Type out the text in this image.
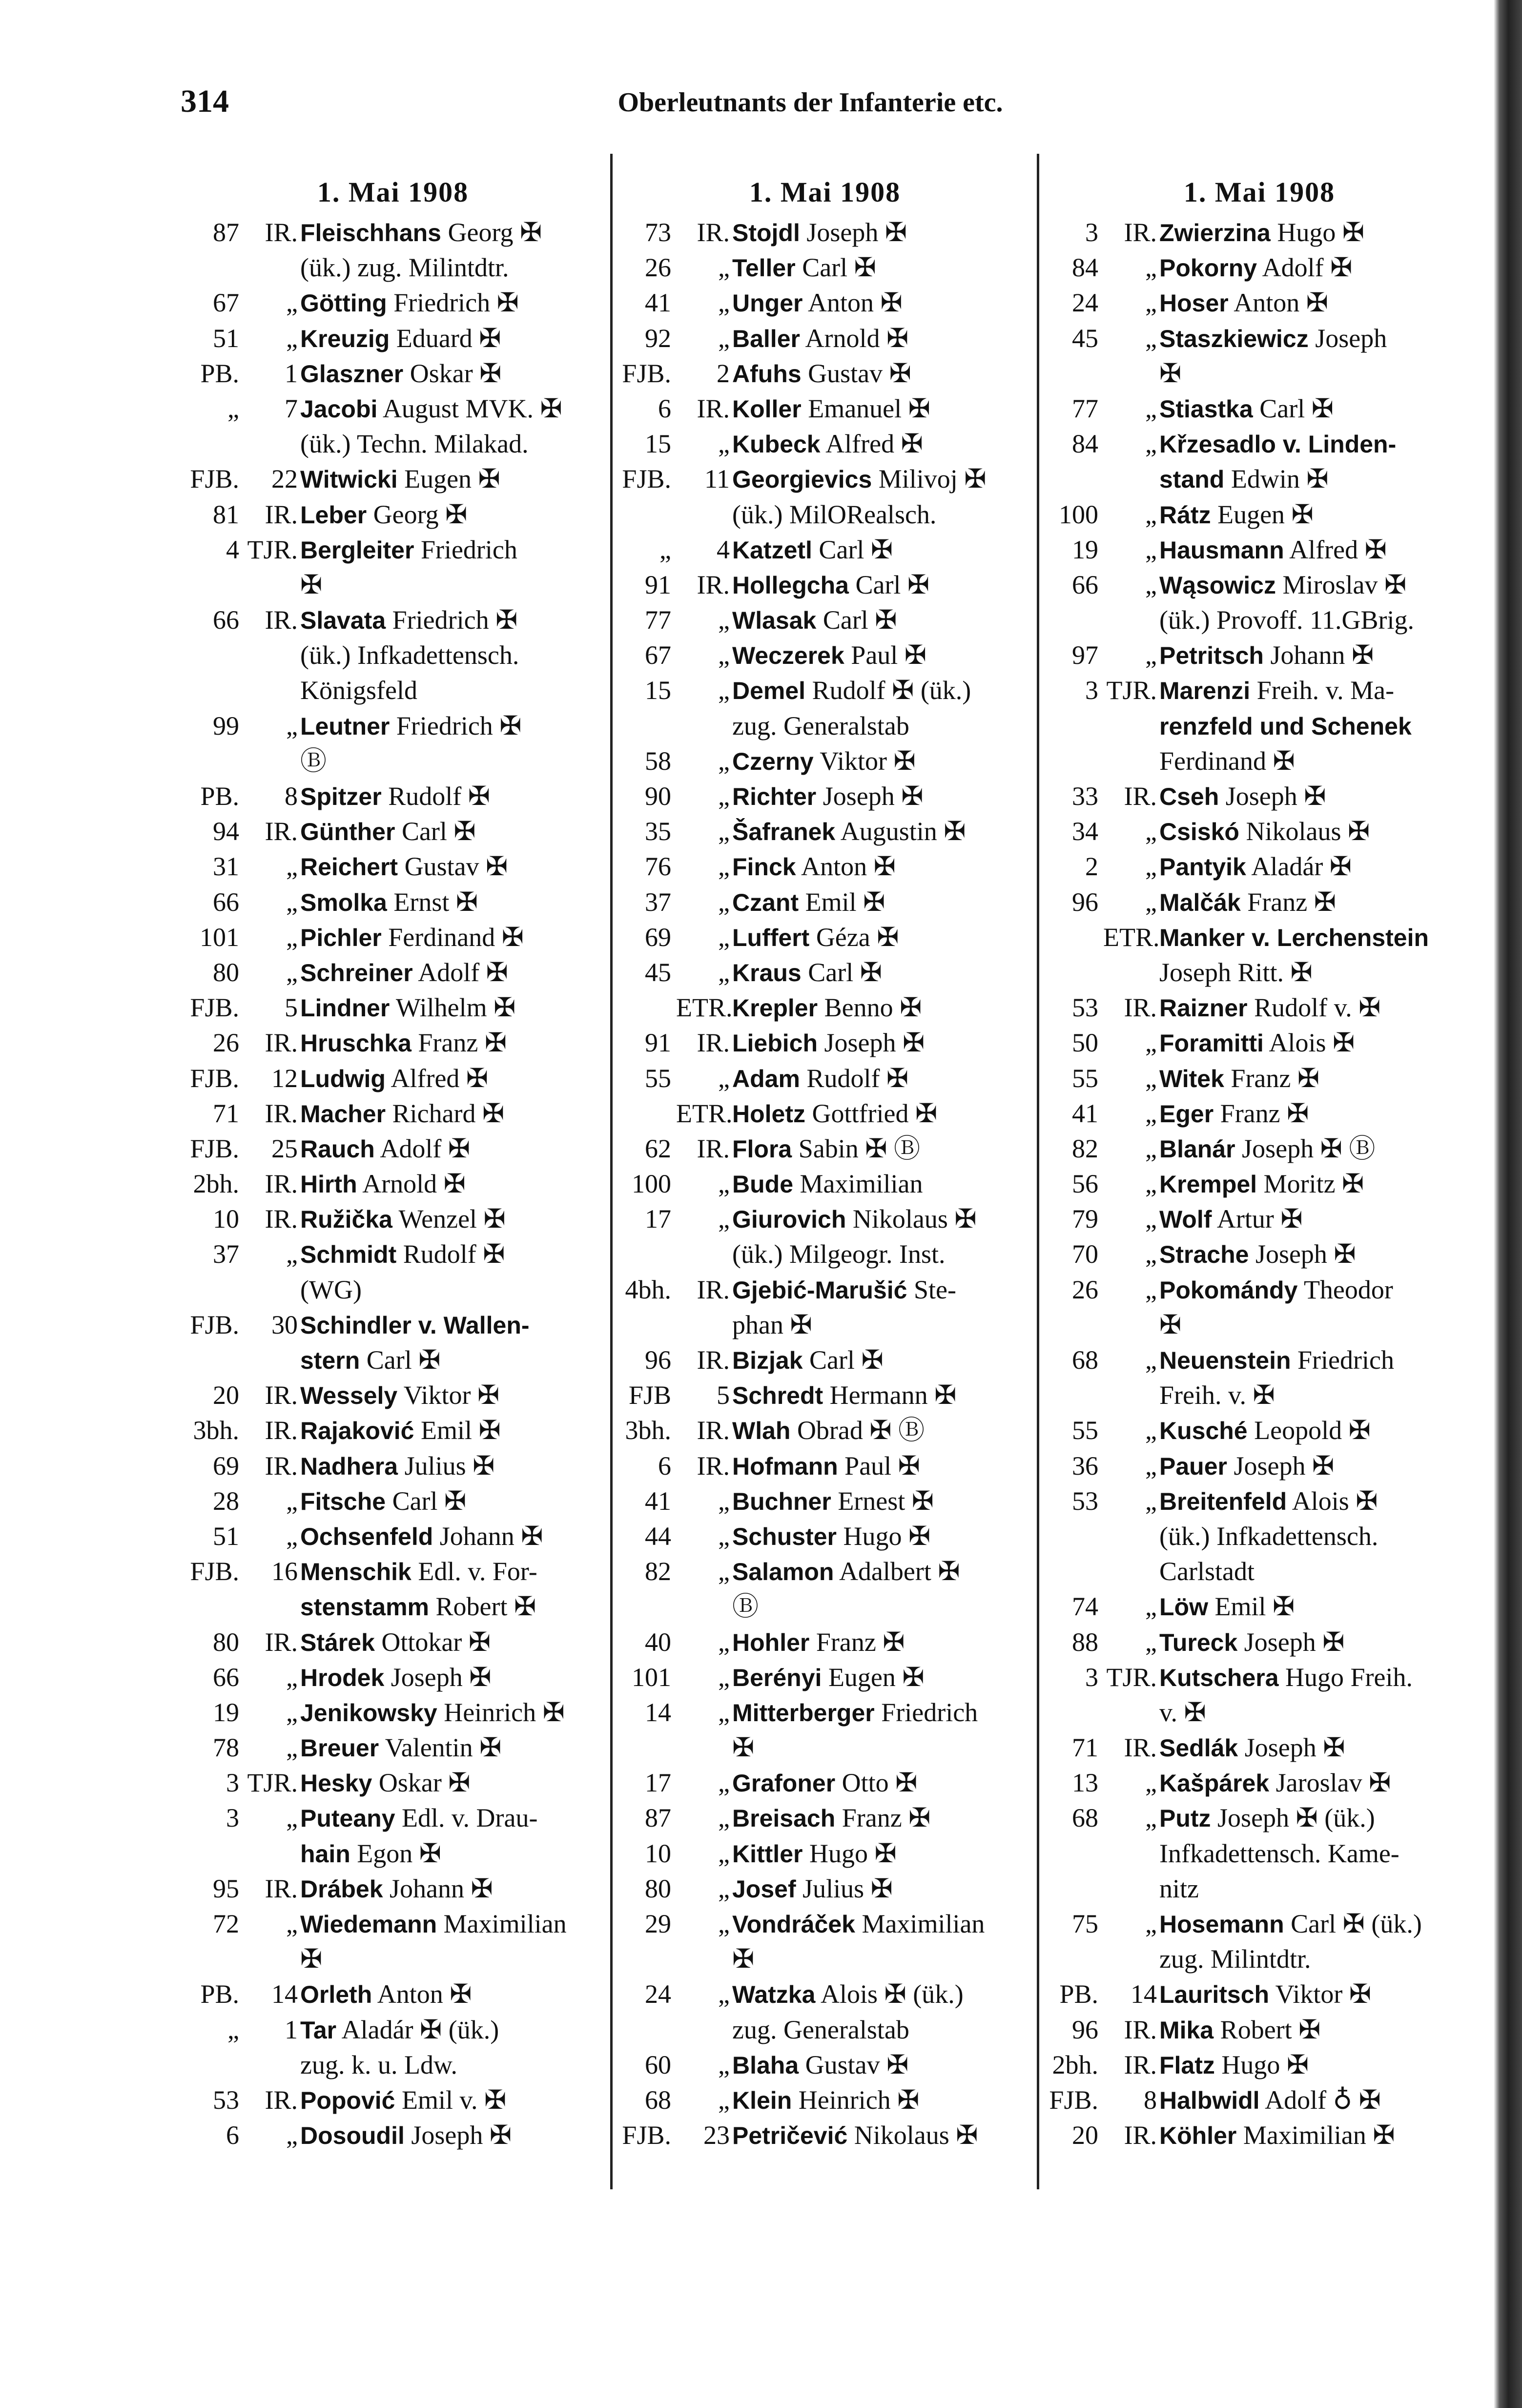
314	Oberleutnants der Infanterie etc.
1. Mai 1908
87 IR. Fleischhans Georg ✠
(ük.) zug. Milintdtr.
67	„ Götting Friedrich ✠
51	„ Kreuzig Eduard ✠
PB.	1 Glaszner Oskar ✠
„	7 Jacobi August MVK. ✠
(ük.) Techn. Milakad.
FJB.	22 Witwicki Eugen ✠
81 IR. Leber Georg ✠
4 TJR. Bergleiter Friedrich
✠
66 IR. Slavata Friedrich ✠
(ük.) Infkadettensch.
Königsfeld
99	„ Leutner Friedrich ✠
Ⓑ
PB.	8 Spitzer Rudolf ✠
94 IR. Günther Carl ✠
31	„ Reichert Gustav ✠
66	„ Smolka Ernst ✠
101	„ Pichler Ferdinand ✠
80	„ Schreiner Adolf ✠
FJB.	5 Lindner Wilhelm ✠
26 IR. Hruschka Franz ✠
FJB.	12 Ludwig Alfred ✠
71 IR. Macher Richard ✠
FJB.	25 Rauch Adolf ✠
2bh. IR. Hirth Arnold ✠
10 IR. Ružička Wenzel ✠
37	„ Schmidt Rudolf ✠
(WG)
FJB.	30 Schindler v. Wallen-
stern Carl ✠
20 IR. Wessely Viktor ✠
3bh. IR. Rajaković Emil ✠
69 IR. Nadhera Julius ✠
28	„ Fitsche Carl ✠
51	„ Ochsenfeld Johann ✠
FJB.	16 Menschik Edl. v. For-
stenstamm Robert ✠
80 IR. Stárek Ottokar ✠
66	„ Hrodek Joseph ✠
19	„ Jenikowsky Heinrich ✠
78	„ Breuer Valentin ✠
3 TJR. Hesky Oskar ✠
3	„ Puteany Edl. v. Drau-
hain Egon ✠
95 IR. Drábek Johann ✠
72	„ Wiedemann Maximilian
✠
PB.	14 Orleth Anton ✠
„	1 Tar Aladár ✠ (ük.)
zug. k. u. Ldw.
53 IR. Popović Emil v. ✠
6	„ Dosoudil Joseph ✠
1. Mai 1908
73 IR. Stojdl Joseph ✠
26	„ Teller Carl ✠
41	„ Unger Anton ✠
92	„ Baller Arnold ✠
FJB.	2 Afuhs Gustav ✠
6 IR. Koller Emanuel ✠
15	„ Kubeck Alfred ✠
FJB.	11 Georgievics Milivoj ✠
(ük.) MilORealsch.
„	4 Katzetl Carl ✠
91 IR. Hollegcha Carl ✠
77	„ Wlasak Carl ✠
67	„ Weczerek Paul ✠
15	„ Demel Rudolf ✠ (ük.)
zug. Generalstab
58	„ Czerny Viktor ✠
90	„ Richter Joseph ✠
35	„ Šafranek Augustin ✠
76	„ Finck Anton ✠
37	„ Czant Emil ✠
69	„ Luffert Géza ✠
45	„ Kraus Carl ✠
ETR. Krepler Benno ✠
91 IR. Liebich Joseph ✠
55	„ Adam Rudolf ✠
ETR. Holetz Gottfried ✠
62 IR. Flora Sabin ✠ Ⓑ
100	„ Bude Maximilian
17	„ Giurovich Nikolaus ✠
(ük.) Milgeogr. Inst.
4bh. IR. Gjebić-Marušić Ste-
phan ✠
96 IR. Bizjak Carl ✠
FJB	5 Schredt Hermann ✠
3bh. IR. Wlah Obrad ✠ Ⓑ
6 IR. Hofmann Paul ✠
41	„ Buchner Ernest ✠
44	„ Schuster Hugo ✠
82	„ Salamon Adalbert ✠
Ⓑ
40	„ Hohler Franz ✠
101	„ Berényi Eugen ✠
14	„ Mitterberger Friedrich
✠
17	„ Grafoner Otto ✠
87	„ Breisach Franz ✠
10	„ Kittler Hugo ✠
80	„ Josef Julius ✠
29	„ Vondráček Maximilian
✠
24	„ Watzka Alois ✠ (ük.)
zug. Generalstab
60	„ Blaha Gustav ✠
68	„ Klein Heinrich ✠
FJB.	23 Petričević Nikolaus ✠
1. Mai 1908
3 IR. Zwierzina Hugo ✠
84	„ Pokorny Adolf ✠
24	„ Hoser Anton ✠
45	„ Staszkiewicz Joseph
✠
77	„ Stiastka Carl ✠
84	„ Křzesadlo v. Linden-
stand Edwin ✠
100	„ Rátz Eugen ✠
19	„ Hausmann Alfred ✠
66	„ Wąsowicz Miroslav ✠
(ük.) Provoff. 11.GBrig.
97	„ Petritsch Johann ✠
3 TJR. Marenzi Freih. v. Ma-
renzfeld und Schenek
Ferdinand ✠
33 IR. Cseh Joseph ✠
34	„ Csiskó Nikolaus ✠
2	„ Pantyik Aladár ✠
96	„ Malčák Franz ✠
ETR. Manker v. Lerchenstein
Joseph Ritt. ✠
53 IR. Raizner Rudolf v. ✠
50	„ Foramitti Alois ✠
55	„ Witek Franz ✠
41	„ Eger Franz ✠
82	„ Blanár Joseph ✠ Ⓑ
56	„ Krempel Moritz ✠
79	„ Wolf Artur ✠
70	„ Strache Joseph ✠
26	„ Pokomándy Theodor
✠
68	„ Neuenstein Friedrich
Freih. v. ✠
55	„ Kusché Leopold ✠
36	„ Pauer Joseph ✠
53	„ Breitenfeld Alois ✠
(ük.) Infkadettensch.
Carlstadt
74	„ Löw Emil ✠
88	„ Tureck Joseph ✠
3 TJR. Kutschera Hugo Freih.
v. ✠
71 IR. Sedlák Joseph ✠
13	„ Kašpárek Jaroslav ✠
68	„ Putz Joseph ✠ (ük.)
Infkadettensch. Kame-
nitz
75	„ Hosemann Carl ✠ (ük.)
zug. Milintdtr.
PB.	14 Lauritsch Viktor ✠
96 IR. Mika Robert ✠
2bh. IR. Flatz Hugo ✠
FJB.	8 Halbwidl Adolf ♁ ✠
20 IR. Köhler Maximilian ✠
